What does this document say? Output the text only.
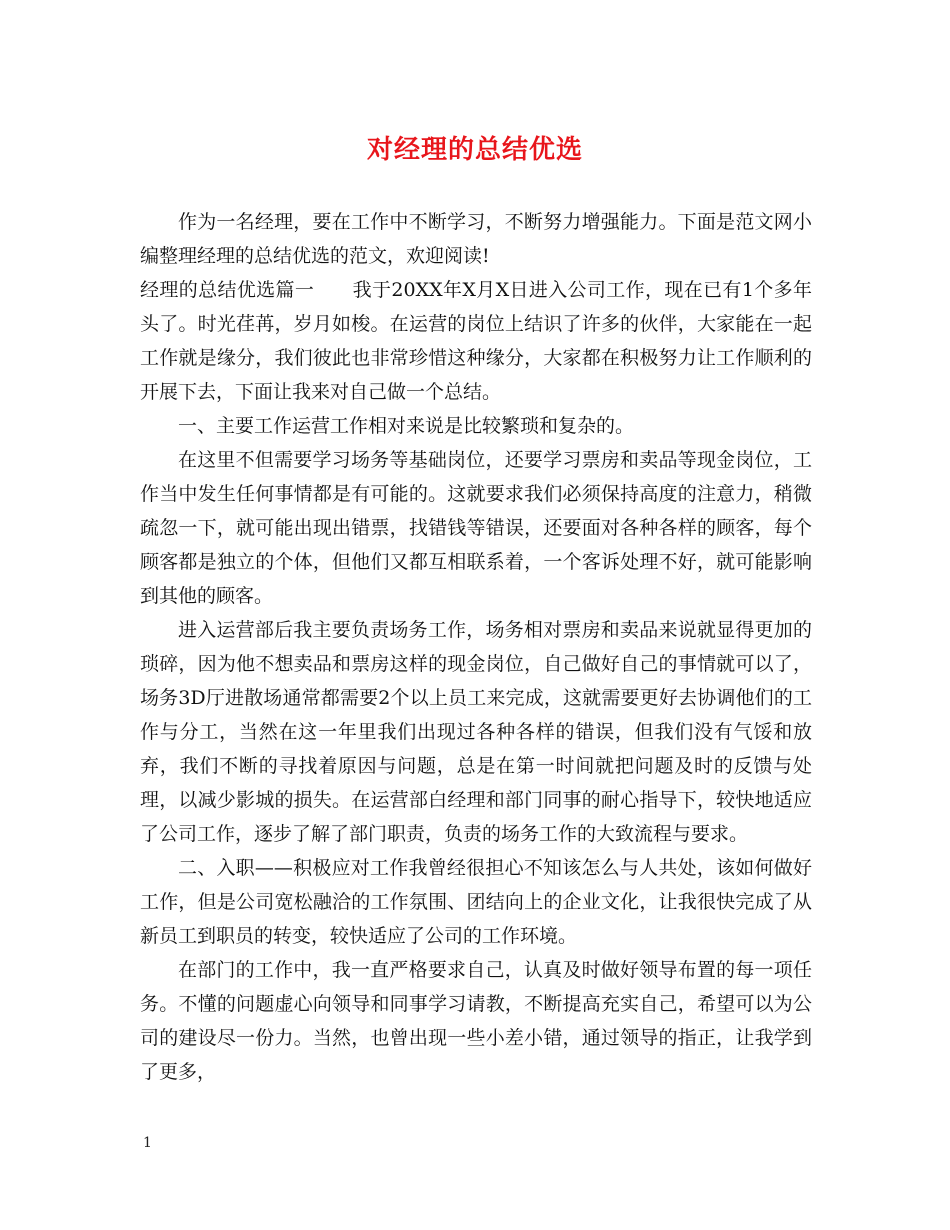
对经理的总结优选

作为一名经理，要在工作中不断学习，不断努力增强能力。下面是范文网小编整理经理的总结优选的范文，欢迎阅读!

经理的总结优选篇一 我于20XX年X月X日进入公司工作，现在已有1个多年头了。时光荏苒，岁月如梭。在运营的岗位上结识了许多的伙伴，大家能在一起工作就是缘分，我们彼此也非常珍惜这种缘分，大家都在积极努力让工作顺利的开展下去，下面让我来对自己做一个总结。

一、主要工作运营工作相对来说是比较繁琐和复杂的。

在这里不但需要学习场务等基础岗位，还要学习票房和卖品等现金岗位，工作当中发生任何事情都是有可能的。这就要求我们必须保持高度的注意力，稍微疏忽一下，就可能出现出错票，找错钱等错误，还要面对各种各样的顾客，每个顾客都是独立的个体，但他们又都互相联系着，一个客诉处理不好，就可能影响到其他的顾客。

进入运营部后我主要负责场务工作，场务相对票房和卖品来说就显得更加的琐碎，因为他不想卖品和票房这样的现金岗位，自己做好自己的事情就可以了，场务3D厅进散场通常都需要2个以上员工来完成，这就需要更好去协调他们的工作与分工，当然在这一年里我们出现过各种各样的错误，但我们没有气馁和放弃，我们不断的寻找着原因与问题，总是在第一时间就把问题及时的反馈与处理，以减少影城的损失。在运营部白经理和部门同事的耐心指导下，较快地适应了公司工作，逐步了解了部门职责，负责的场务工作的大致流程与要求。

二、入职——积极应对工作我曾经很担心不知该怎么与人共处，该如何做好工作，但是公司宽松融洽的工作氛围、团结向上的企业文化，让我很快完成了从新员工到职员的转变，较快适应了公司的工作环境。

在部门的工作中，我一直严格要求自己，认真及时做好领导布置的每一项任务。不懂的问题虚心向领导和同事学习请教，不断提高充实自己，希望可以为公司的建设尽一份力。当然，也曾出现一些小差小错，通过领导的指正，让我学到了更多，

1
